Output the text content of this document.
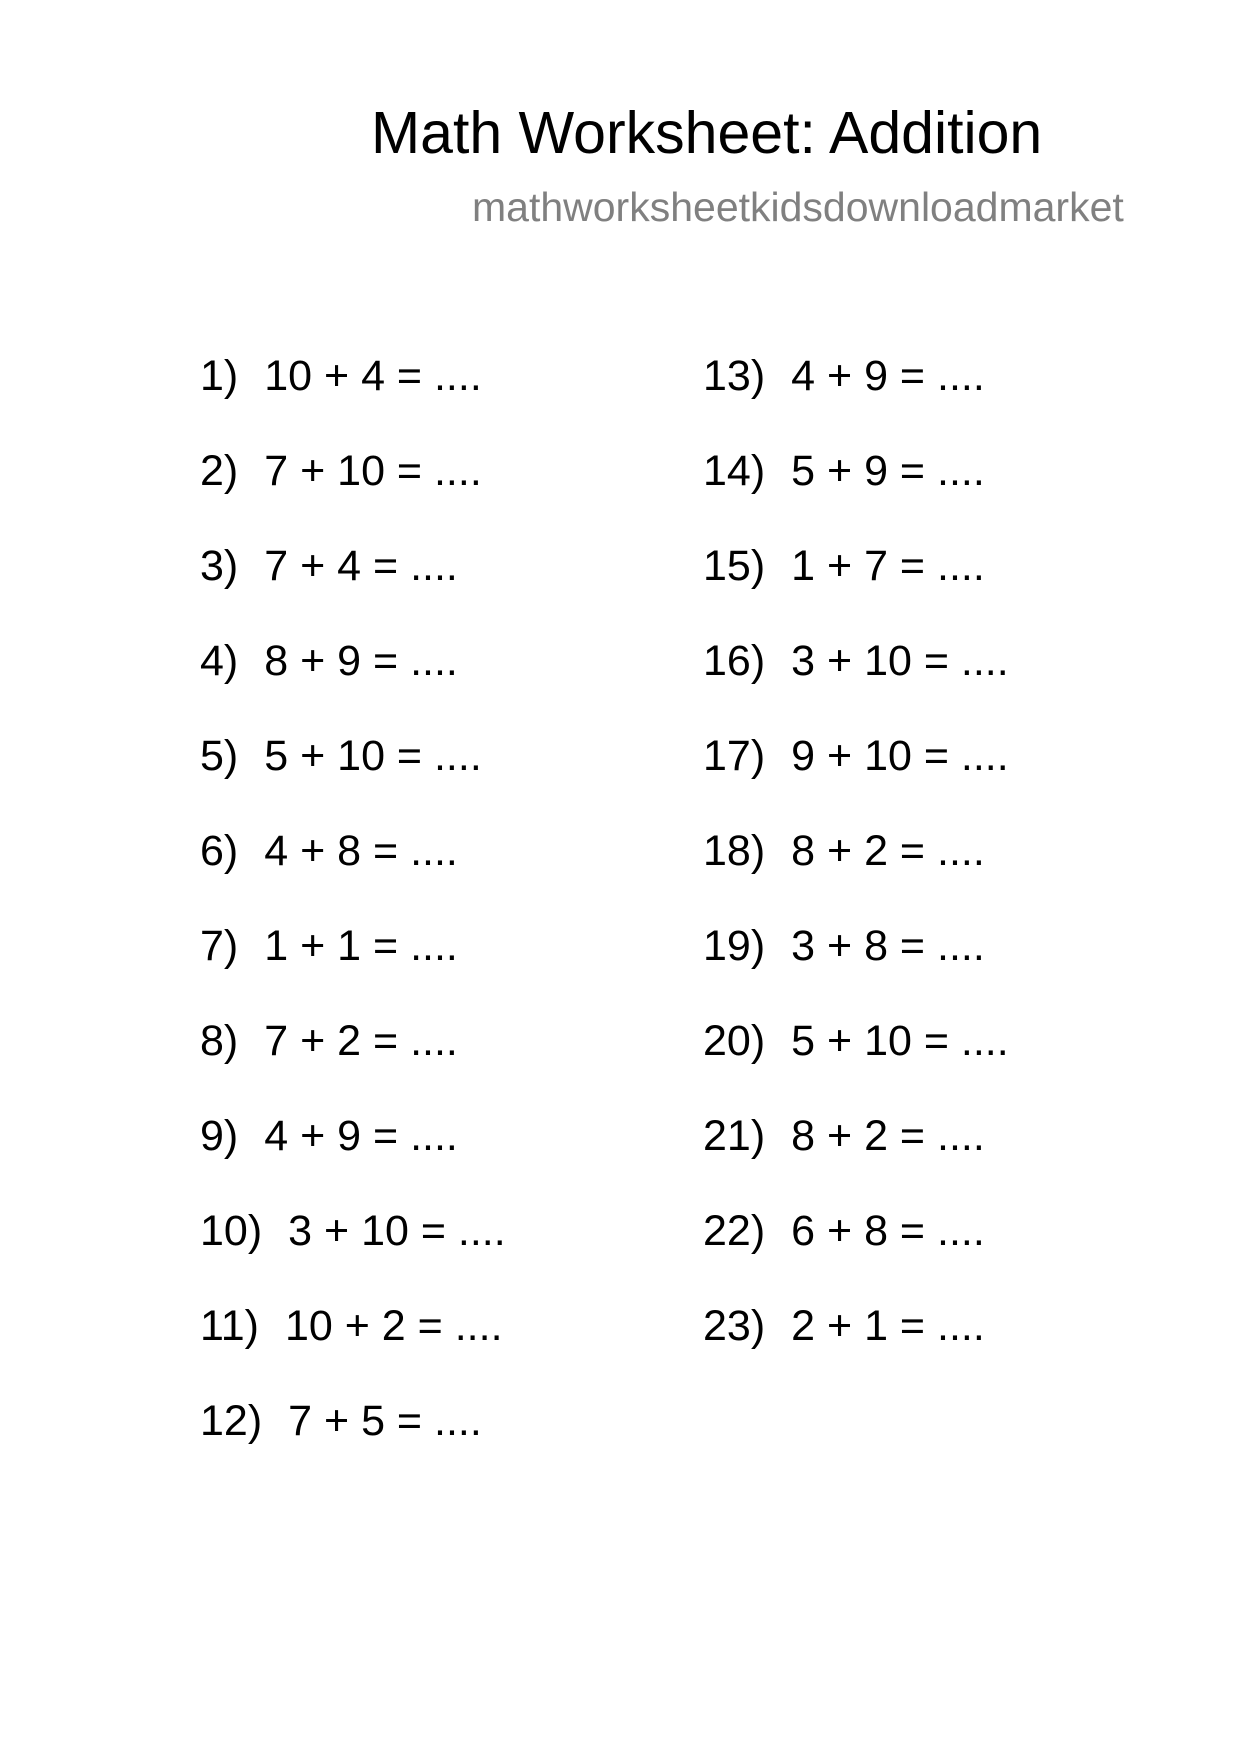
Math Worksheet: Addition
mathworksheetkidsdownloadmarket
1) 10 + 4 = ....
2) 7 + 10 = ....
3) 7 + 4 = ....
4) 8 + 9 = ....
5) 5 + 10 = ....
6) 4 + 8 = ....
7) 1 + 1 = ....
8) 7 + 2 = ....
9) 4 + 9 = ....
10) 3 + 10 = ....
11) 10 + 2 = ....
12) 7 + 5 = ....
13) 4 + 9 = ....
14) 5 + 9 = ....
15) 1 + 7 = ....
16) 3 + 10 = ....
17) 9 + 10 = ....
18) 8 + 2 = ....
19) 3 + 8 = ....
20) 5 + 10 = ....
21) 8 + 2 = ....
22) 6 + 8 = ....
23) 2 + 1 = ....
